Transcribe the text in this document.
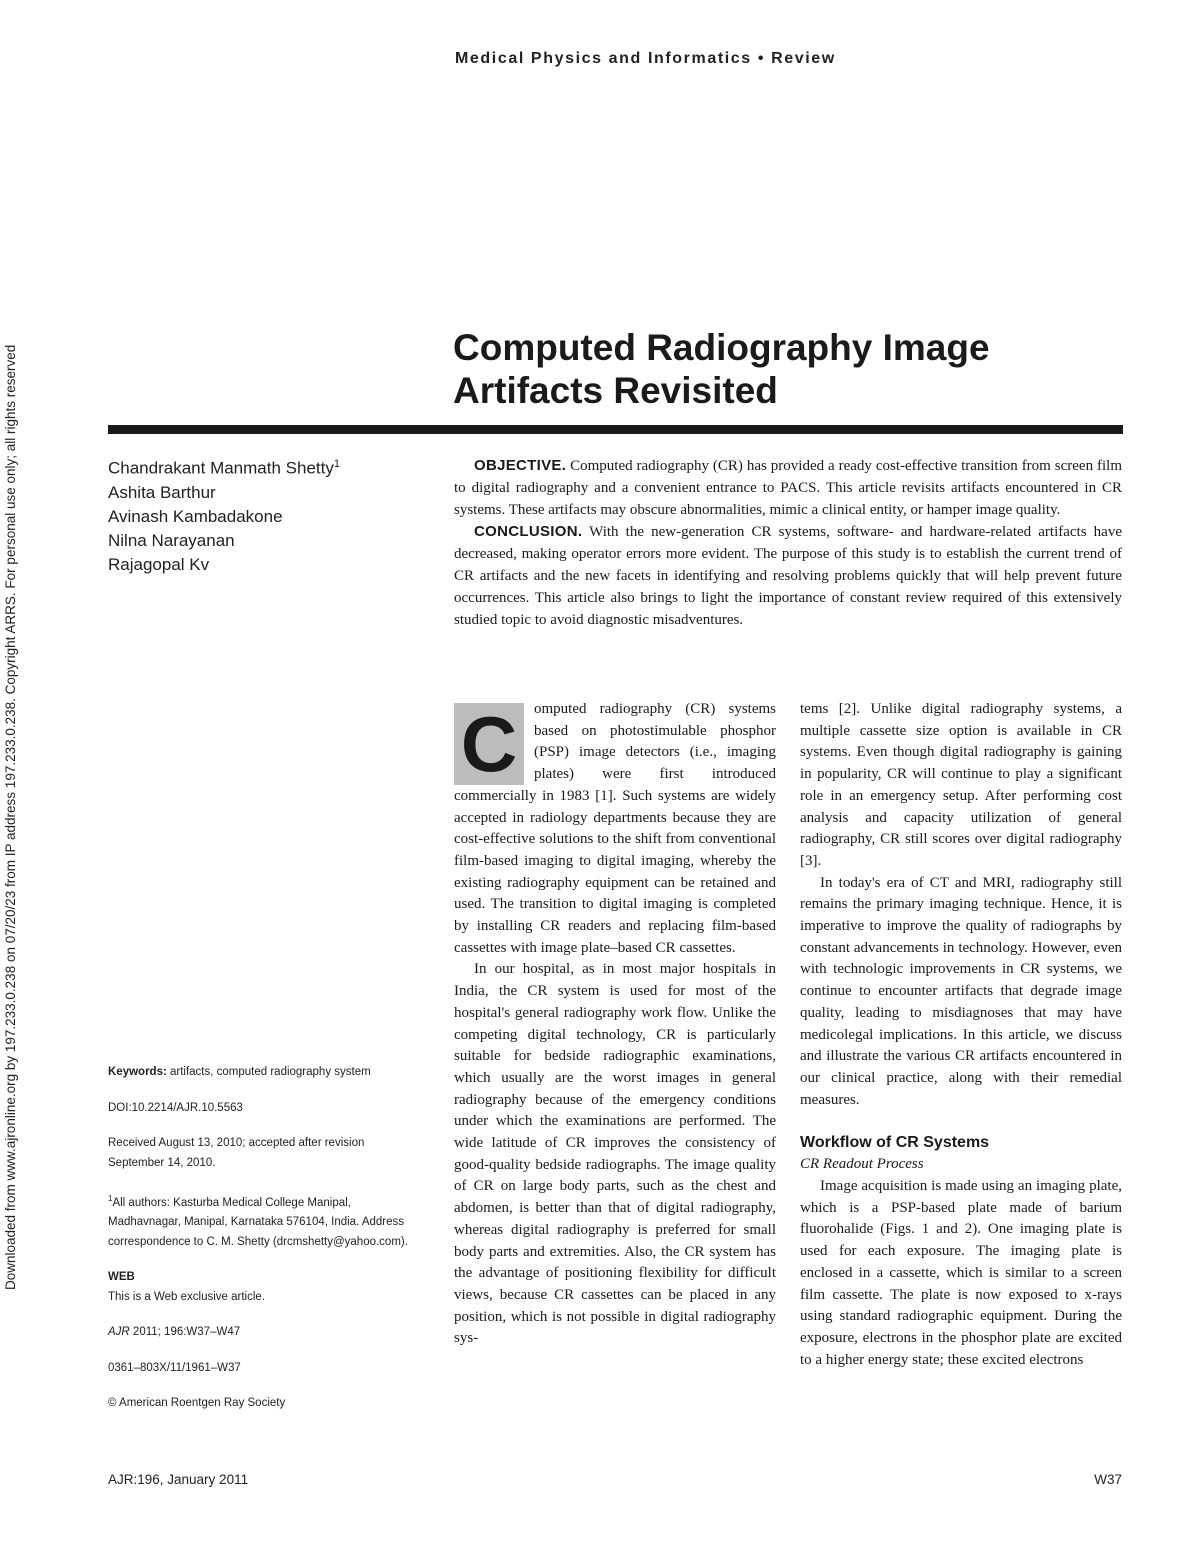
Medical Physics and Informatics • Review
Downloaded from www.ajronline.org by 197.233.0.238 on 07/20/23 from IP address 197.233.0.238. Copyright ARRS. For personal use only; all rights reserved	Computed Radiography Image
Artifacts Revisited
Chandrakant Manmath Shetty$^1$
Ashita Barthur
Avinash Kambadakone
Nilna Narayanan
Rajagopal Kv

OBJECTIVE. Computed radiography (CR) has provided a ready cost-effective transition from screen film to digital radiography and a convenient entrance to PACS. This article revisits artifacts encountered in CR systems. These artifacts may obscure abnormalities, mimic a clinical entity, or hamper image quality.

CONCLUSION. With the new-generation CR systems, software- and hardware-related artifacts have decreased, making operator errors more evident. The purpose of this study is to establish the current trend of CR artifacts and the new facets in identifying and resolving problems quickly that will help prevent future occurrences. This article also brings to light the importance of constant review required of this extensively studied topic to avoid diagnostic misadventures.

C	omputed radiography (CR) systems based on photostimulable phosphor (PSP) image detectors (i.e., imaging plates) were first introduced commercially in 1983 [1]. Such systems are widely accepted in radiology departments because they are cost-effective solutions to the shift from conventional film-based imaging to digital imaging, whereby the existing radiography equipment can be retained and used. The transition to digital imaging is completed by installing CR readers and replacing film-based cassettes with image plate–based CR cassettes.

In our hospital, as in most major hospitals in India, the CR system is used for most of the hospital's general radiography work flow. Unlike the competing digital technology, CR is particularly suitable for bedside radiographic examinations, which usually are the worst images in general radiography because of the emergency conditions under which the examinations are performed. The wide latitude of CR improves the consistency of good-quality bedside radiographs. The image quality of CR on large body parts, such as the chest and abdomen, is better than that of digital radiography, whereas digital radiography is preferred for small body parts and extremities. Also, the CR system has the advantage of positioning flexibility for difficult views, because CR cassettes can be placed in any position, which is not possible in digital radiography sys-

tems [2]. Unlike digital radiography systems, a multiple cassette size option is available in CR systems. Even though digital radiography is gaining in popularity, CR will continue to play a significant role in an emergency setup. After performing cost analysis and capacity utilization of general radiography, CR still scores over digital radiography [3].

In today's era of CT and MRI, radiography still remains the primary imaging technique. Hence, it is imperative to improve the quality of radiographs by constant advancements in technology. However, even with technologic improvements in CR systems, we continue to encounter artifacts that degrade image quality, leading to misdiagnoses that may have medicolegal implications. In this article, we discuss and illustrate the various CR artifacts encountered in our clinical practice, along with their remedial measures.

Workflow of CR Systems
CR Readout Process

Image acquisition is made using an imaging plate, which is a PSP-based plate made of barium fluorohalide (Figs. 1 and 2). One imaging plate is used for each exposure. The imaging plate is enclosed in a cassette, which is similar to a screen film cassette. The plate is now exposed to x-rays using standard radiographic equipment. During the exposure, electrons in the phosphor plate are excited to a higher energy state; these excited electrons

Keywords: artifacts, computed radiography system

DOI:10.2214/AJR.10.5563

Received August 13, 2010; accepted after revision September 14, 2010.

$^1$All authors: Kasturba Medical College Manipal, Madhavnagar, Manipal, Karnataka 576104, India. Address correspondence to C. M. Shetty (drcmshetty@yahoo.com).

WEB
This is a Web exclusive article.

AJR 2011; 196:W37–W47

0361–803X/11/1961–W37

© American Roentgen Ray Society

AJR:196, January 2011	W37
